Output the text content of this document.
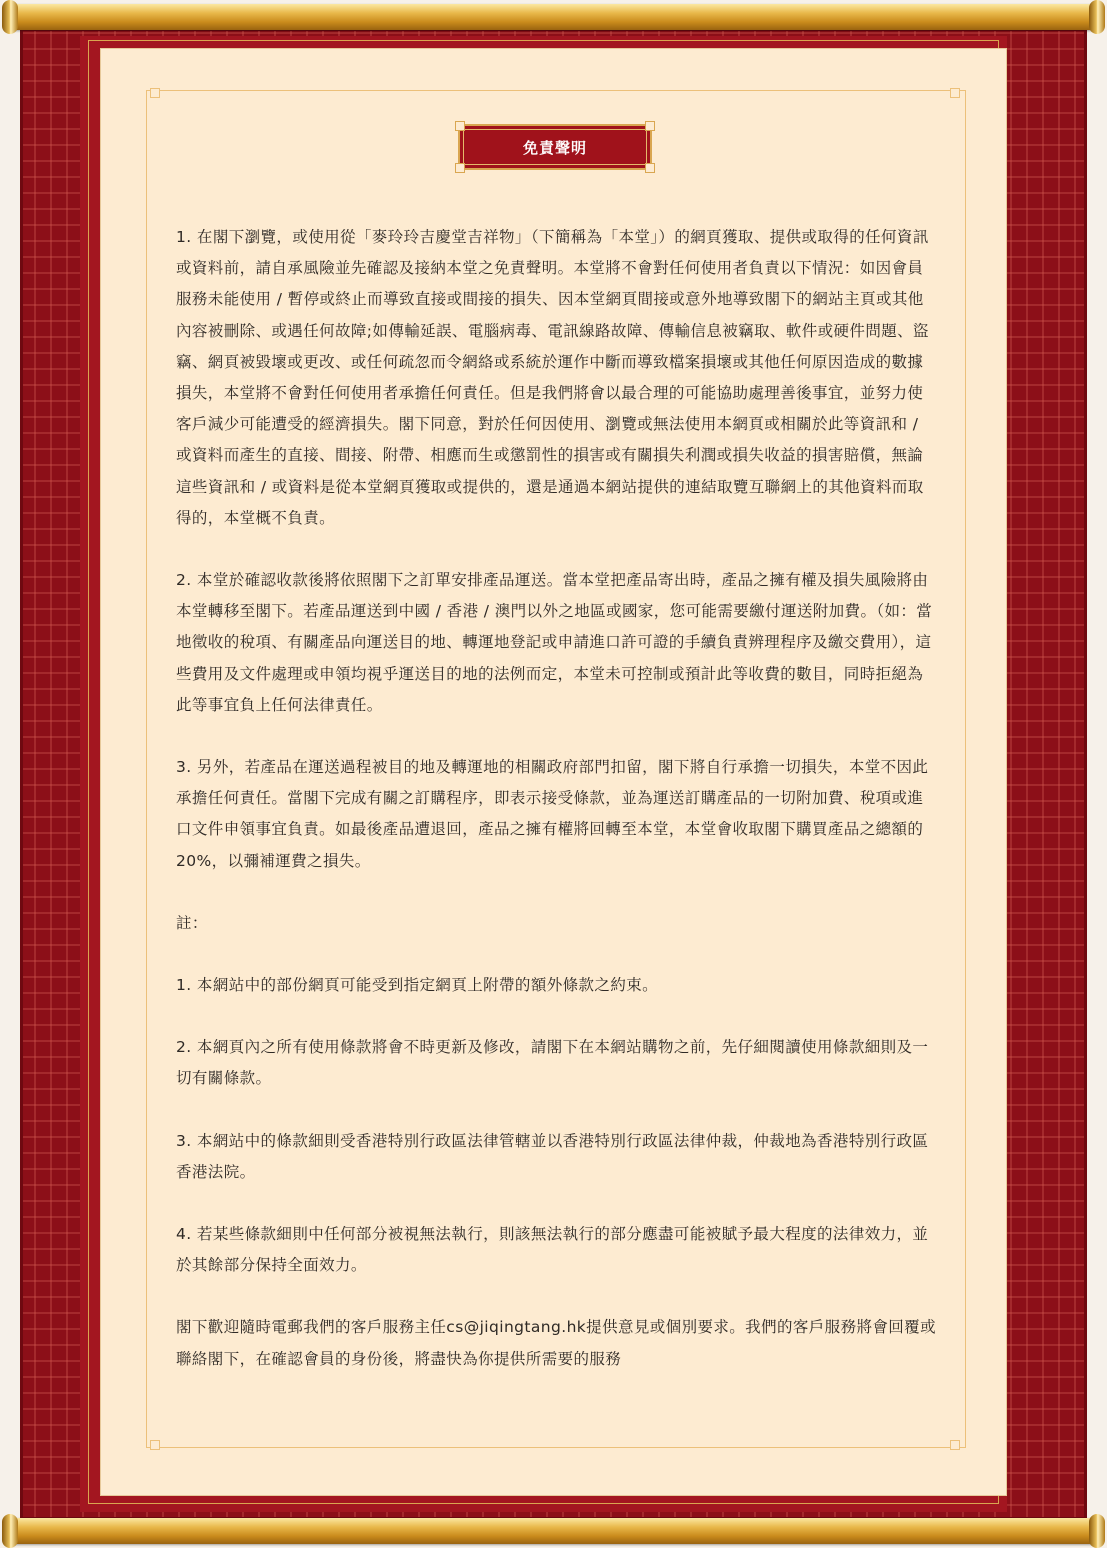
免責聲明

1. 在閣下瀏覽，或使用從「麥玲玲吉慶堂吉祥物」（下簡稱為「本堂」）的網頁獲取、提供或取得的任何資訊或資料前，請自承風險並先確認及接納本堂之免責聲明。本堂將不會對任何使用者負責以下情況：如因會員服務未能使用 / 暫停或終止而導致直接或間接的損失、因本堂網頁間接或意外地導致閣下的網站主頁或其他內容被刪除、或遇任何故障;如傳輸延誤、電腦病毒、電訊線路故障、傳輸信息被竊取、軟件或硬件問題、盜竊、網頁被毀壞或更改、或任何疏忽而令網絡或系統於運作中斷而導致檔案損壞或其他任何原因造成的數據損失，本堂將不會對任何使用者承擔任何責任。但是我們將會以最合理的可能協助處理善後事宜，並努力使客戶減少可能遭受的經濟損失。閣下同意，對於任何因使用、瀏覽或無法使用本網頁或相關於此等資訊和 / 或資料而產生的直接、間接、附帶、相應而生或懲罰性的損害或有關損失利潤或損失收益的損害賠償，無論這些資訊和 / 或資料是從本堂網頁獲取或提供的，還是通過本網站提供的連結取覽互聯網上的其他資料而取得的，本堂概不負責。

2. 本堂於確認收款後將依照閣下之訂單安排產品運送。當本堂把產品寄出時，產品之擁有權及損失風險將由本堂轉移至閣下。若產品運送到中國 / 香港 / 澳門以外之地區或國家，您可能需要繳付運送附加費。（如：當地徵收的稅項、有關產品向運送目的地、轉運地登記或申請進口許可證的手續負責辨理程序及繳交費用），這些費用及文件處理或申領均視乎運送目的地的法例而定，本堂未可控制或預計此等收費的數目，同時拒絕為此等事宜負上任何法律責任。

3. 另外，若產品在運送過程被目的地及轉運地的相關政府部門扣留，閣下將自行承擔一切損失，本堂不因此承擔任何責任。當閣下完成有關之訂購程序，即表示接受條款，並為運送訂購產品的一切附加費、稅項或進口文件申領事宜負責。如最後產品遭退回，產品之擁有權將回轉至本堂，本堂會收取閣下購買產品之總額的20%，以彌補運費之損失。

註：

1. 本網站中的部份網頁可能受到指定網頁上附帶的額外條款之約束。

2. 本網頁內之所有使用條款將會不時更新及修改，請閣下在本網站購物之前，先仔細閱讀使用條款細則及一切有關條款。

3. 本網站中的條款細則受香港特別行政區法律管轄並以香港特別行政區法律仲裁，仲裁地為香港特別行政區香港法院。

4. 若某些條款細則中任何部分被視無法執行，則該無法執行的部分應盡可能被賦予最大程度的法律效力，並於其餘部分保持全面效力。

閣下歡迎隨時電郵我們的客戶服務主任cs@jiqingtang.hk提供意見或個別要求。我們的客戶服務將會回覆或聯絡閣下，在確認會員的身份後，將盡快為你提供所需要的服務
